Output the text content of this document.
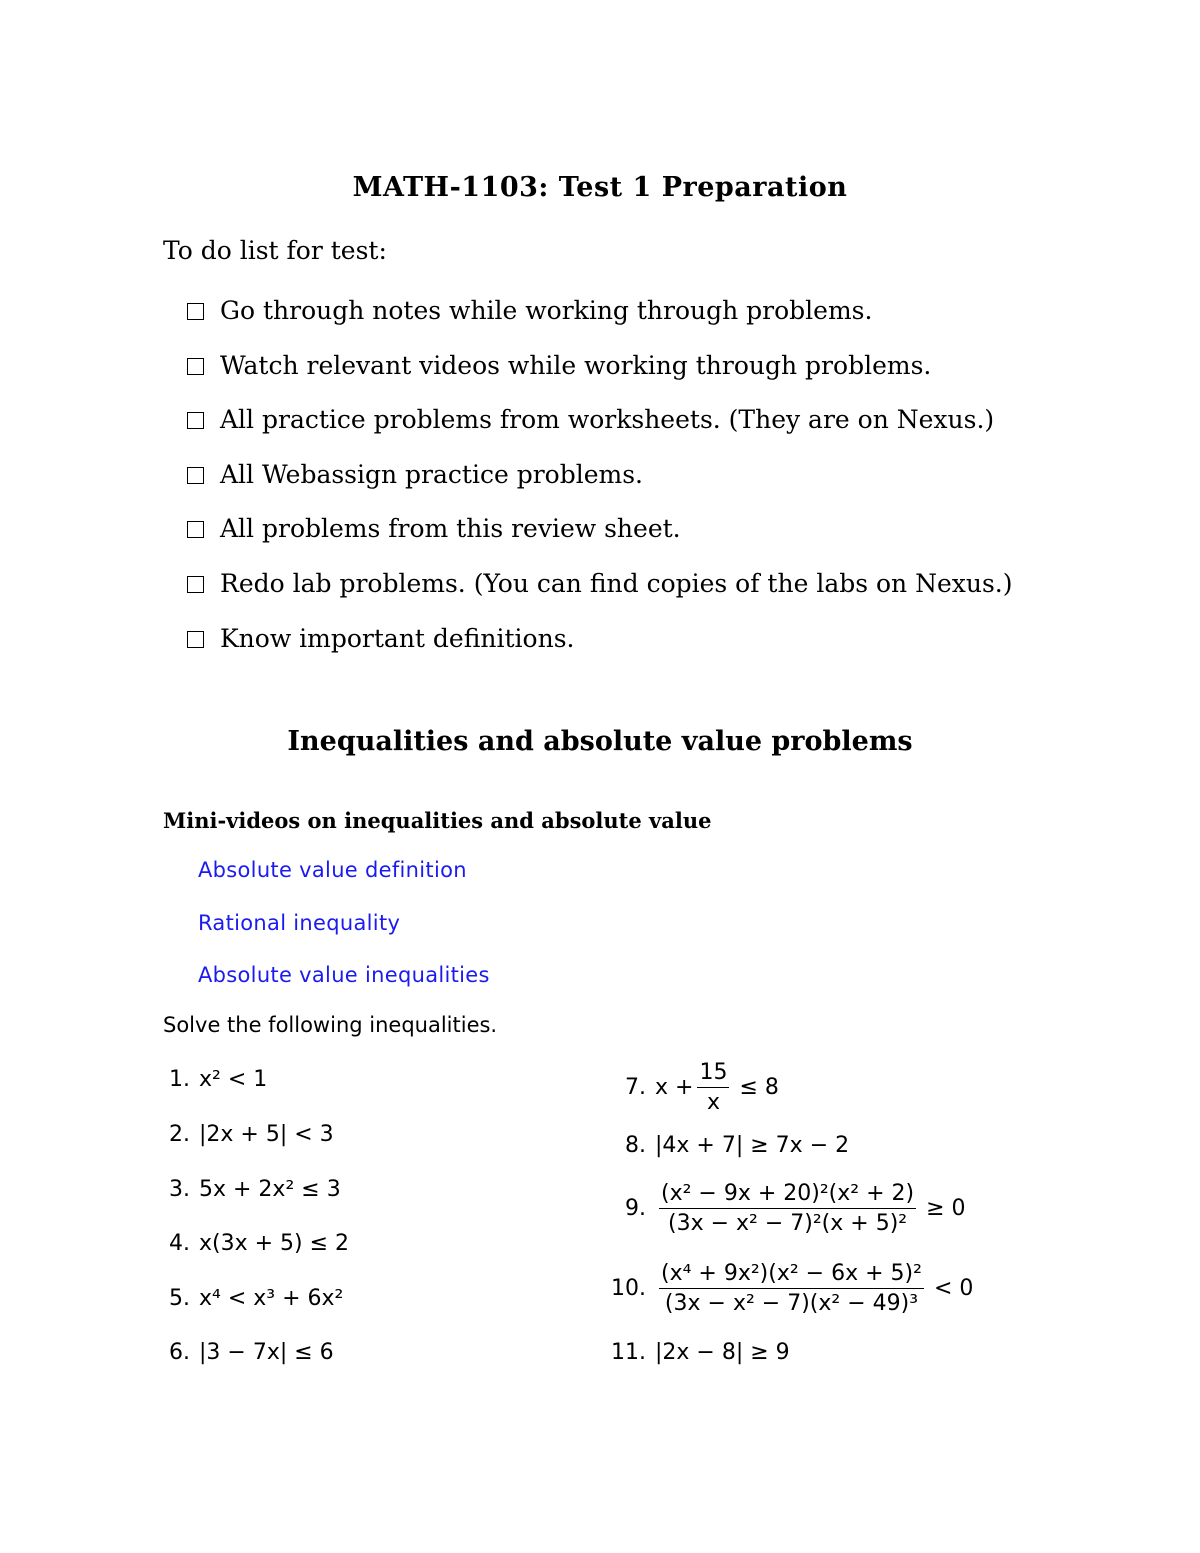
MATH-1103: Test 1 Preparation
To do list for test:
Go through notes while working through problems.
Watch relevant videos while working through problems.
All practice problems from worksheets. (They are on Nexus.)
All Webassign practice problems.
All problems from this review sheet.
Redo lab problems. (You can find copies of the labs on Nexus.)
Know important definitions.
Inequalities and absolute value problems
Mini-videos on inequalities and absolute value
Absolute value definition
Rational inequality
Absolute value inequalities
Solve the following inequalities.
1. x² < 1
2. |2x + 5| < 3
3. 5x + 2x² ≤ 3
4. x(3x + 5) ≤ 2
5. x⁴ < x³ + 6x²
6. |3 − 7x| ≤ 6
7. $x + \frac{15}{x} \le 8$
8. |4x + 7| ≥ 7x − 2
9. $\frac{\text{(x² − 9x + 20)²(x² + 2)}}{\text{(3x − x² − 7)²(x + 5)²}} \ge 0$
10. $\frac{\text{(x⁴ + 9x²)(x² − 6x + 5)²}}{\text{(3x − x² − 7)(x² − 49)³}} < 0$
11. |2x − 8| ≥ 9
